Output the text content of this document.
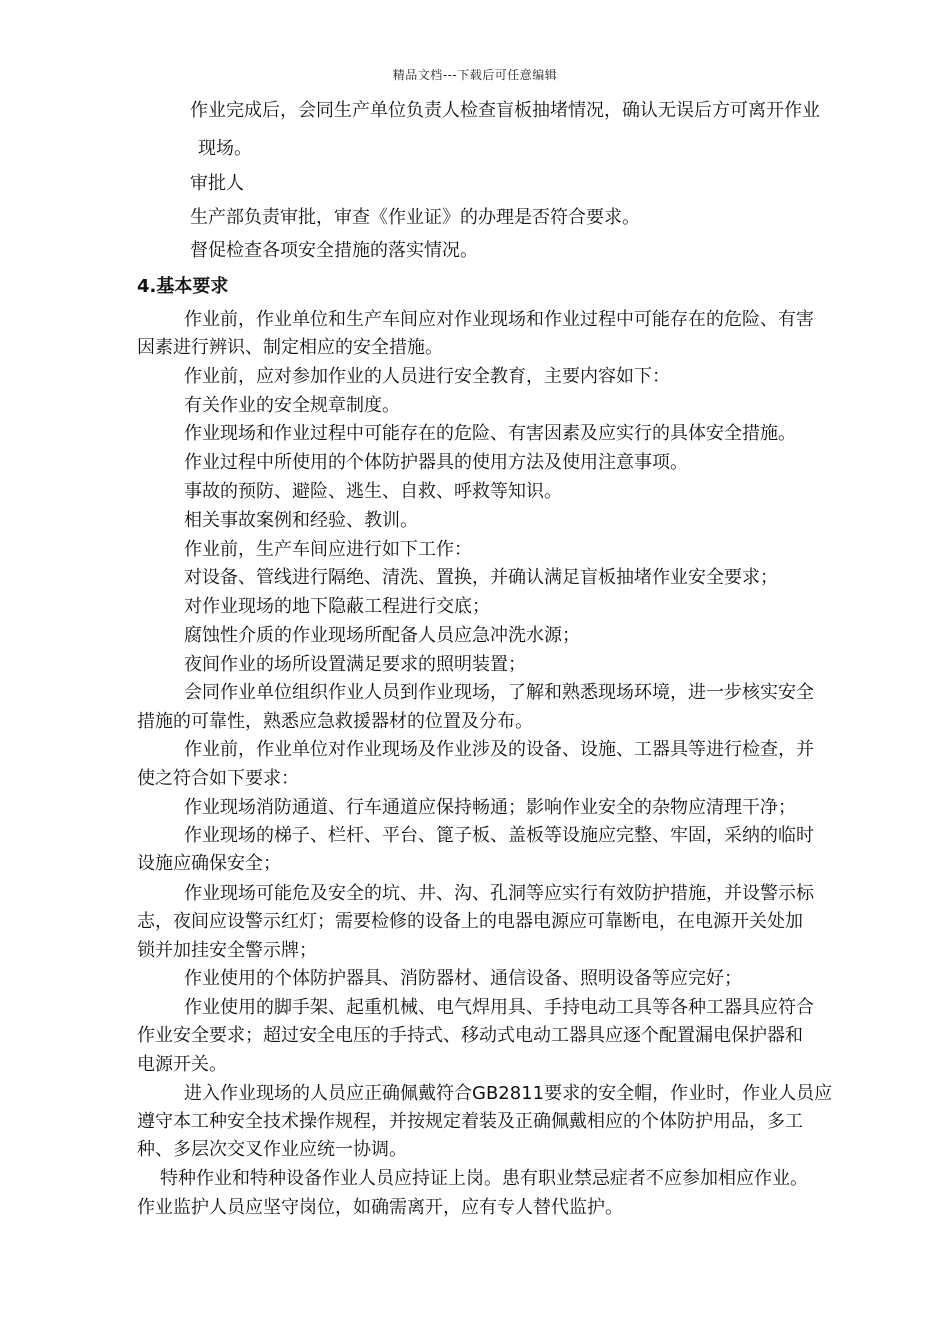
精品文档---下载后可任意编辑
作业完成后，会同生产单位负责人检查盲板抽堵情况，确认无误后方可离开作业
现场。
审批人
生产部负责审批，审查《作业证》的办理是否符合要求。
督促检查各项安全措施的落实情况。
4.基本要求
作业前，作业单位和生产车间应对作业现场和作业过程中可能存在的危险、有害
因素进行辨识、制定相应的安全措施。
作业前，应对参加作业的人员进行安全教育，主要内容如下：
有关作业的安全规章制度。
作业现场和作业过程中可能存在的危险、有害因素及应实行的具体安全措施。
作业过程中所使用的个体防护器具的使用方法及使用注意事项。
事故的预防、避险、逃生、自救、呼救等知识。
相关事故案例和经验、教训。
作业前，生产车间应进行如下工作：
对设备、管线进行隔绝、清洗、置换，并确认满足盲板抽堵作业安全要求；
对作业现场的地下隐蔽工程进行交底；
腐蚀性介质的作业现场所配备人员应急冲洗水源；
夜间作业的场所设置满足要求的照明装置；
会同作业单位组织作业人员到作业现场，了解和熟悉现场环境，进一步核实安全
措施的可靠性，熟悉应急救援器材的位置及分布。
作业前，作业单位对作业现场及作业涉及的设备、设施、工器具等进行检查，并
使之符合如下要求：
作业现场消防通道、行车通道应保持畅通；影响作业安全的杂物应清理干净；
作业现场的梯子、栏杆、平台、篦子板、盖板等设施应完整、牢固，采纳的临时
设施应确保安全；
作业现场可能危及安全的坑、井、沟、孔洞等应实行有效防护措施，并设警示标
志，夜间应设警示红灯；需要检修的设备上的电器电源应可靠断电，在电源开关处加
锁并加挂安全警示牌；
作业使用的个体防护器具、消防器材、通信设备、照明设备等应完好；
作业使用的脚手架、起重机械、电气焊用具、手持电动工具等各种工器具应符合
作业安全要求；超过安全电压的手持式、移动式电动工器具应逐个配置漏电保护器和
电源开关。
进入作业现场的人员应正确佩戴符合GB2811要求的安全帽，作业时，作业人员应
遵守本工种安全技术操作规程，并按规定着装及正确佩戴相应的个体防护用品，多工
种、多层次交叉作业应统一协调。
特种作业和特种设备作业人员应持证上岗。患有职业禁忌症者不应参加相应作业。
作业监护人员应坚守岗位，如确需离开，应有专人替代监护。
